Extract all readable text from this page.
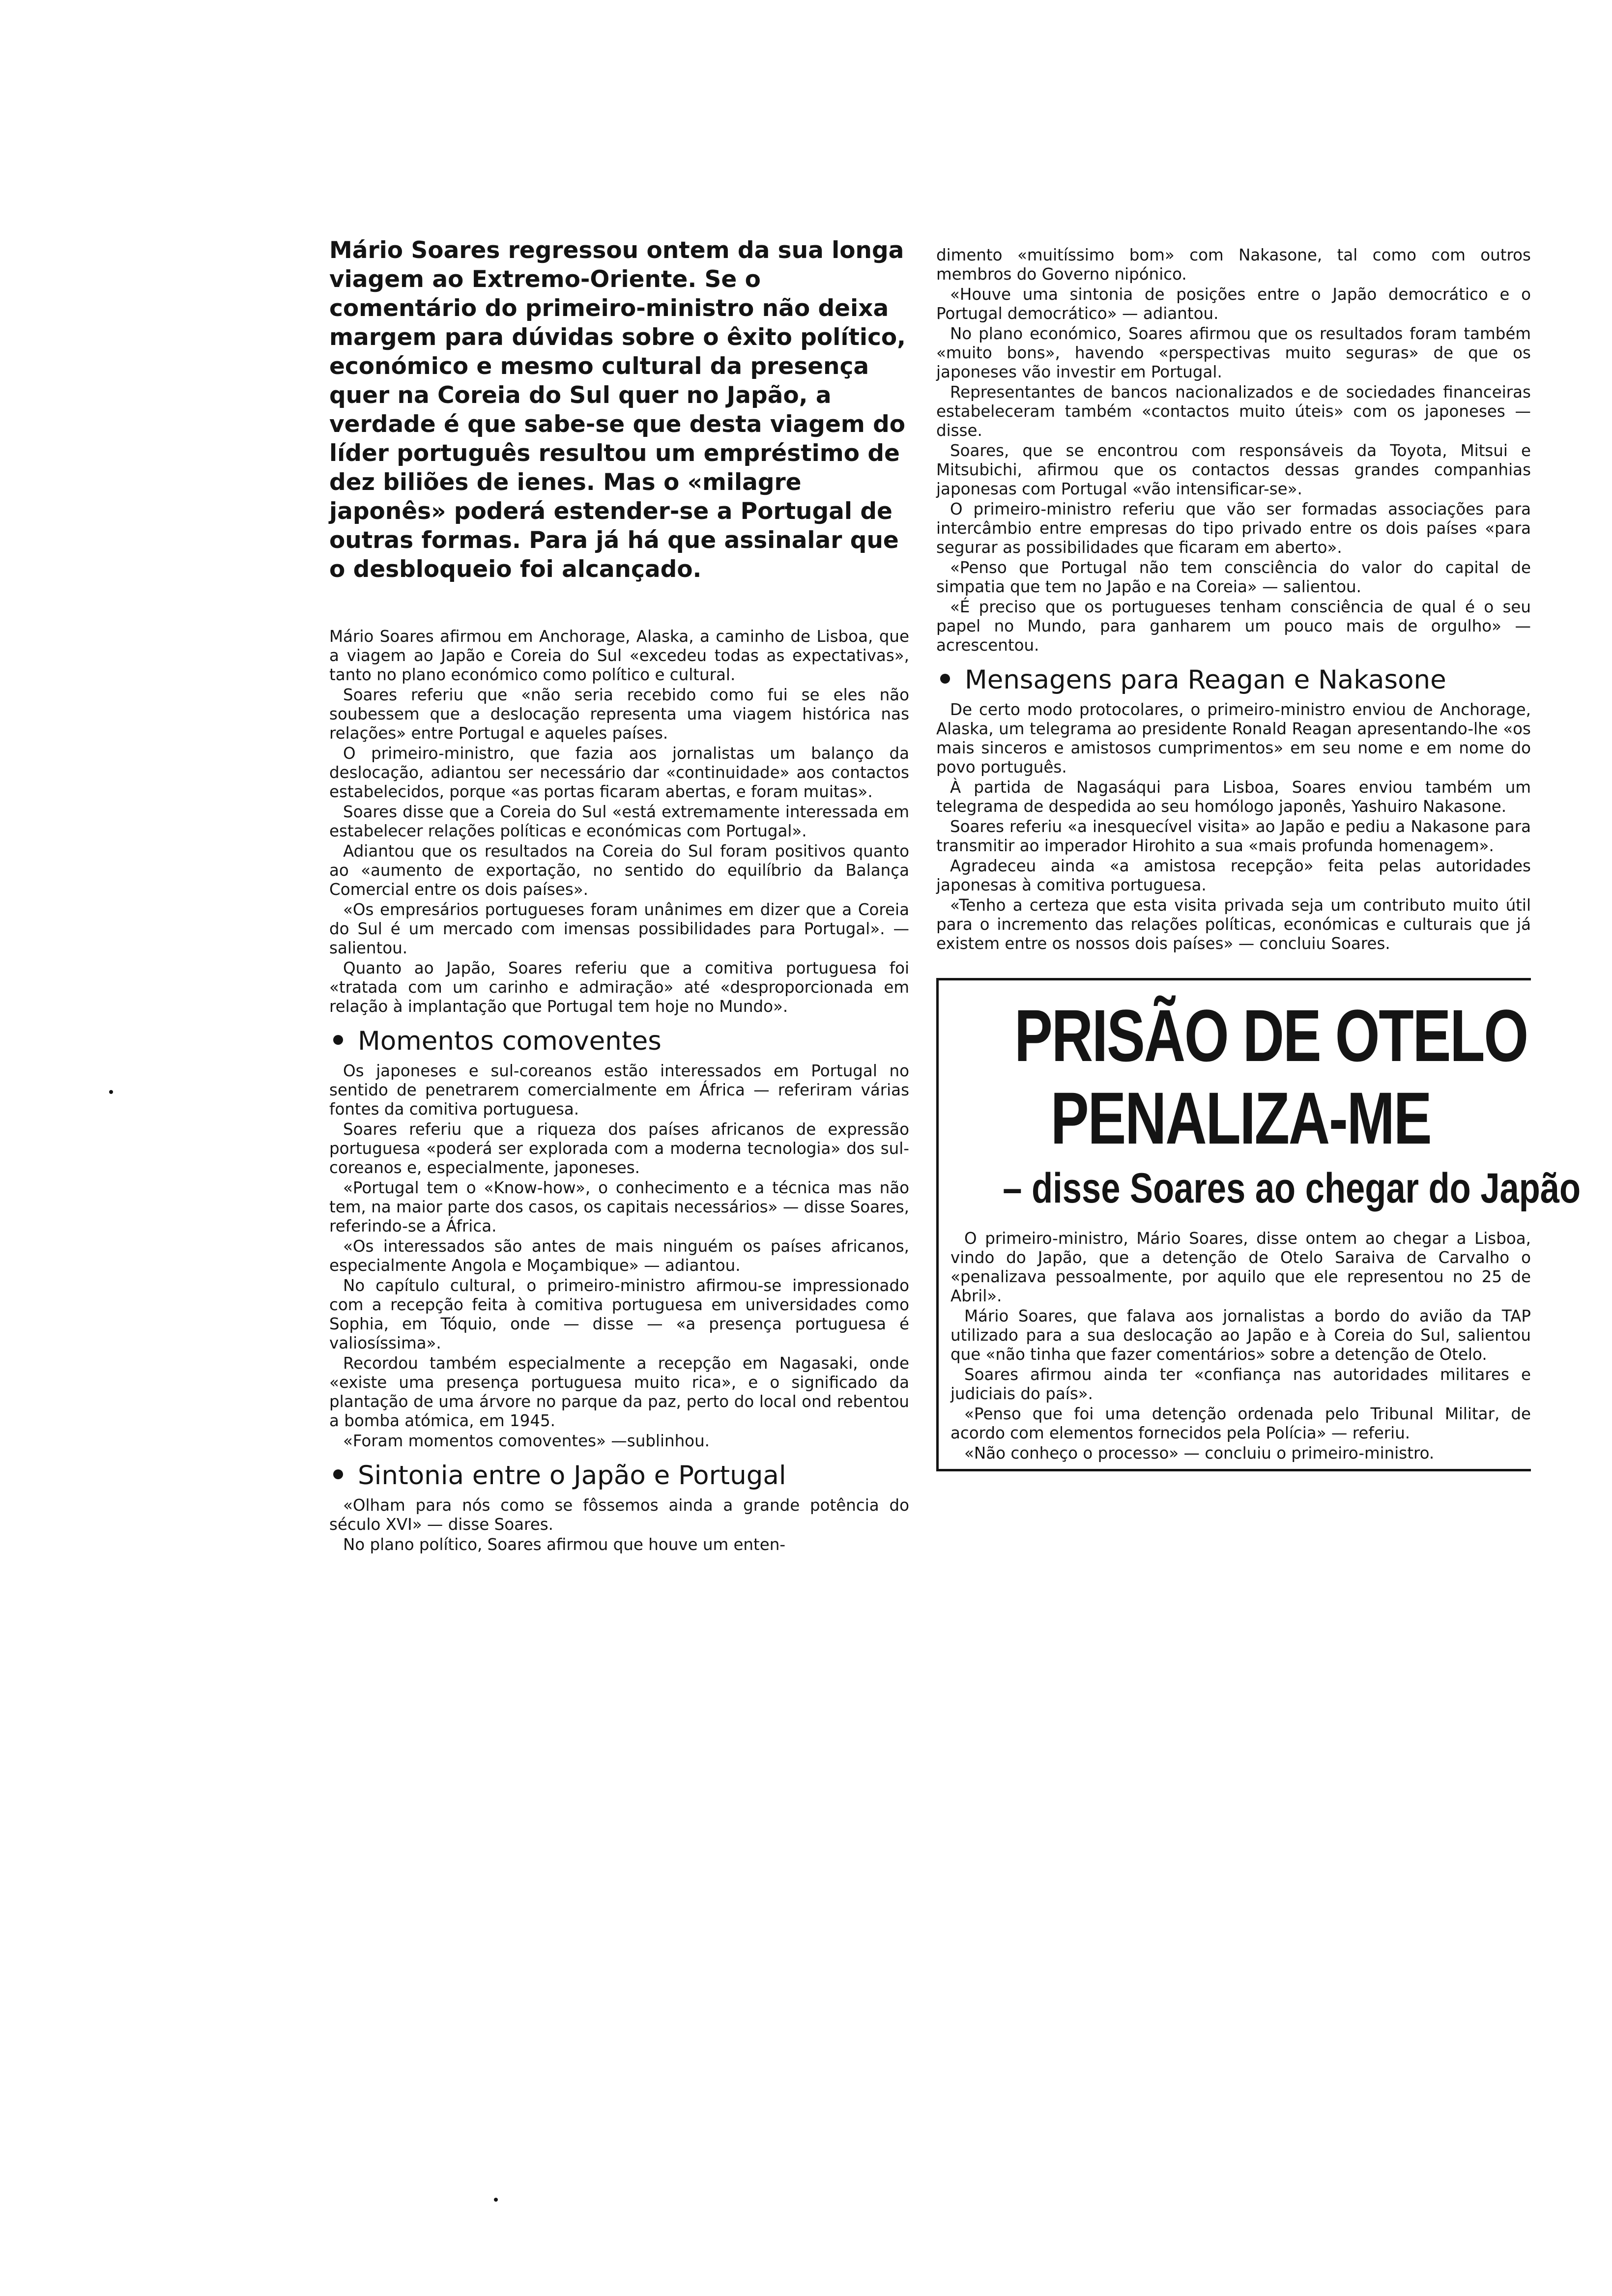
Mário Soares regressou ontem da sua longa viagem ao Extremo-Oriente. Se o comentário do primeiro-ministro não deixa margem para dúvidas sobre o êxito político, económico e mesmo cultural da presença quer na Coreia do Sul quer no Japão, a verdade é que sabe-se que desta viagem do líder português resultou um empréstimo de dez biliões de ienes. Mas o «milagre japonês» poderá estender-se a Portugal de outras formas. Para já há que assinalar que o desbloqueio foi alcançado.

Mário Soares afirmou em Anchorage, Alaska, a caminho de Lisboa, que a viagem ao Japão e Coreia do Sul «excedeu todas as expectativas», tanto no plano económico como político e cultural.

Soares referiu que «não seria recebido como fui se eles não soubessem que a deslocação representa uma viagem histórica nas relações» entre Portugal e aqueles países.

O primeiro-ministro, que fazia aos jornalistas um balanço da deslocação, adiantou ser necessário dar «continuidade» aos contactos estabelecidos, porque «as portas ficaram abertas, e foram muitas».

Soares disse que a Coreia do Sul «está extremamente interessada em estabelecer relações políticas e económicas com Portugal».

Adiantou que os resultados na Coreia do Sul foram positivos quanto ao «aumento de exportação, no sentido do equilíbrio da Balança Comercial entre os dois países».

«Os empresários portugueses foram unânimes em dizer que a Coreia do Sul é um mercado com imensas possibilidades para Portugal». — salientou.

Quanto ao Japão, Soares referiu que a comitiva portuguesa foi «tratada com um carinho e admiração» até «desproporcionada em relação à implantação que Portugal tem hoje no Mundo».

Momentos comoventes

Os japoneses e sul-coreanos estão interessados em Portugal no sentido de penetrarem comercialmente em África — referiram várias fontes da comitiva portuguesa.

Soares referiu que a riqueza dos países africanos de expressão portuguesa «poderá ser explorada com a moderna tecnologia» dos sul-coreanos e, especialmente, japoneses.

«Portugal tem o «Know-how», o conhecimento e a técnica mas não tem, na maior parte dos casos, os capitais necessários» — disse Soares, referindo-se a África.

«Os interessados são antes de mais ninguém os países africanos, especialmente Angola e Moçambique» — adiantou.

No capítulo cultural, o primeiro-ministro afirmou-se impressionado com a recepção feita à comitiva portuguesa em universidades como Sophia, em Tóquio, onde — disse — «a presença portuguesa é valiosíssima».

Recordou também especialmente a recepção em Nagasaki, onde «existe uma presença portuguesa muito rica», e o significado da plantação de uma árvore no parque da paz, perto do local ond rebentou a bomba atómica, em 1945.

«Foram momentos comoventes» —sublinhou.

Sintonia entre o Japão e Portugal

«Olham para nós como se fôssemos ainda a grande potência do século XVI» — disse Soares.

No plano político, Soares afirmou que houve um enten-

dimento «muitíssimo bom» com Nakasone, tal como com outros membros do Governo nipónico.

«Houve uma sintonia de posições entre o Japão democrático e o Portugal democrático» — adiantou.

No plano económico, Soares afirmou que os resultados foram também «muito bons», havendo «perspectivas muito seguras» de que os japoneses vão investir em Portugal.

Representantes de bancos nacionalizados e de sociedades financeiras estabeleceram também «contactos muito úteis» com os japoneses — disse.

Soares, que se encontrou com responsáveis da Toyota, Mitsui e Mitsubichi, afirmou que os contactos dessas grandes companhias japonesas com Portugal «vão intensificar-se».

O primeiro-ministro referiu que vão ser formadas associações para intercâmbio entre empresas do tipo privado entre os dois países «para segurar as possibilidades que ficaram em aberto».

«Penso que Portugal não tem consciência do valor do capital de simpatia que tem no Japão e na Coreia» — salientou.

«É preciso que os portugueses tenham consciência de qual é o seu papel no Mundo, para ganharem um pouco mais de orgulho» — acrescentou.

Mensagens para Reagan e Nakasone

De certo modo protocolares, o primeiro-ministro enviou de Anchorage, Alaska, um telegrama ao presidente Ronald Reagan apresentando-lhe «os mais sinceros e amistosos cumprimentos» em seu nome e em nome do povo português.

À partida de Nagasáqui para Lisboa, Soares enviou também um telegrama de despedida ao seu homólogo japonês, Yashuiro Nakasone.

Soares referiu «a inesquecível visita» ao Japão e pediu a Nakasone para transmitir ao imperador Hirohito a sua «mais profunda homenagem».

Agradeceu ainda «a amistosa recepção» feita pelas autoridades japonesas à comitiva portuguesa.

«Tenho a certeza que esta visita privada seja um contributo muito útil para o incremento das relações políticas, económicas e culturais que já existem entre os nossos dois países» — concluiu Soares.

PRISÃO DE OTELO
PENALIZA-ME
– disse Soares ao chegar do Japão

O primeiro-ministro, Mário Soares, disse ontem ao chegar a Lisboa, vindo do Japão, que a detenção de Otelo Saraiva de Carvalho o «penalizava pessoalmente, por aquilo que ele representou no 25 de Abril».

Mário Soares, que falava aos jornalistas a bordo do avião da TAP utilizado para a sua deslocação ao Japão e à Coreia do Sul, salientou que «não tinha que fazer comentários» sobre a detenção de Otelo.

Soares afirmou ainda ter «confiança nas autoridades militares e judiciais do país».

«Penso que foi uma detenção ordenada pelo Tribunal Militar, de acordo com elementos fornecidos pela Polícia» — referiu.

«Não conheço o processo» — concluiu o primeiro-ministro.
